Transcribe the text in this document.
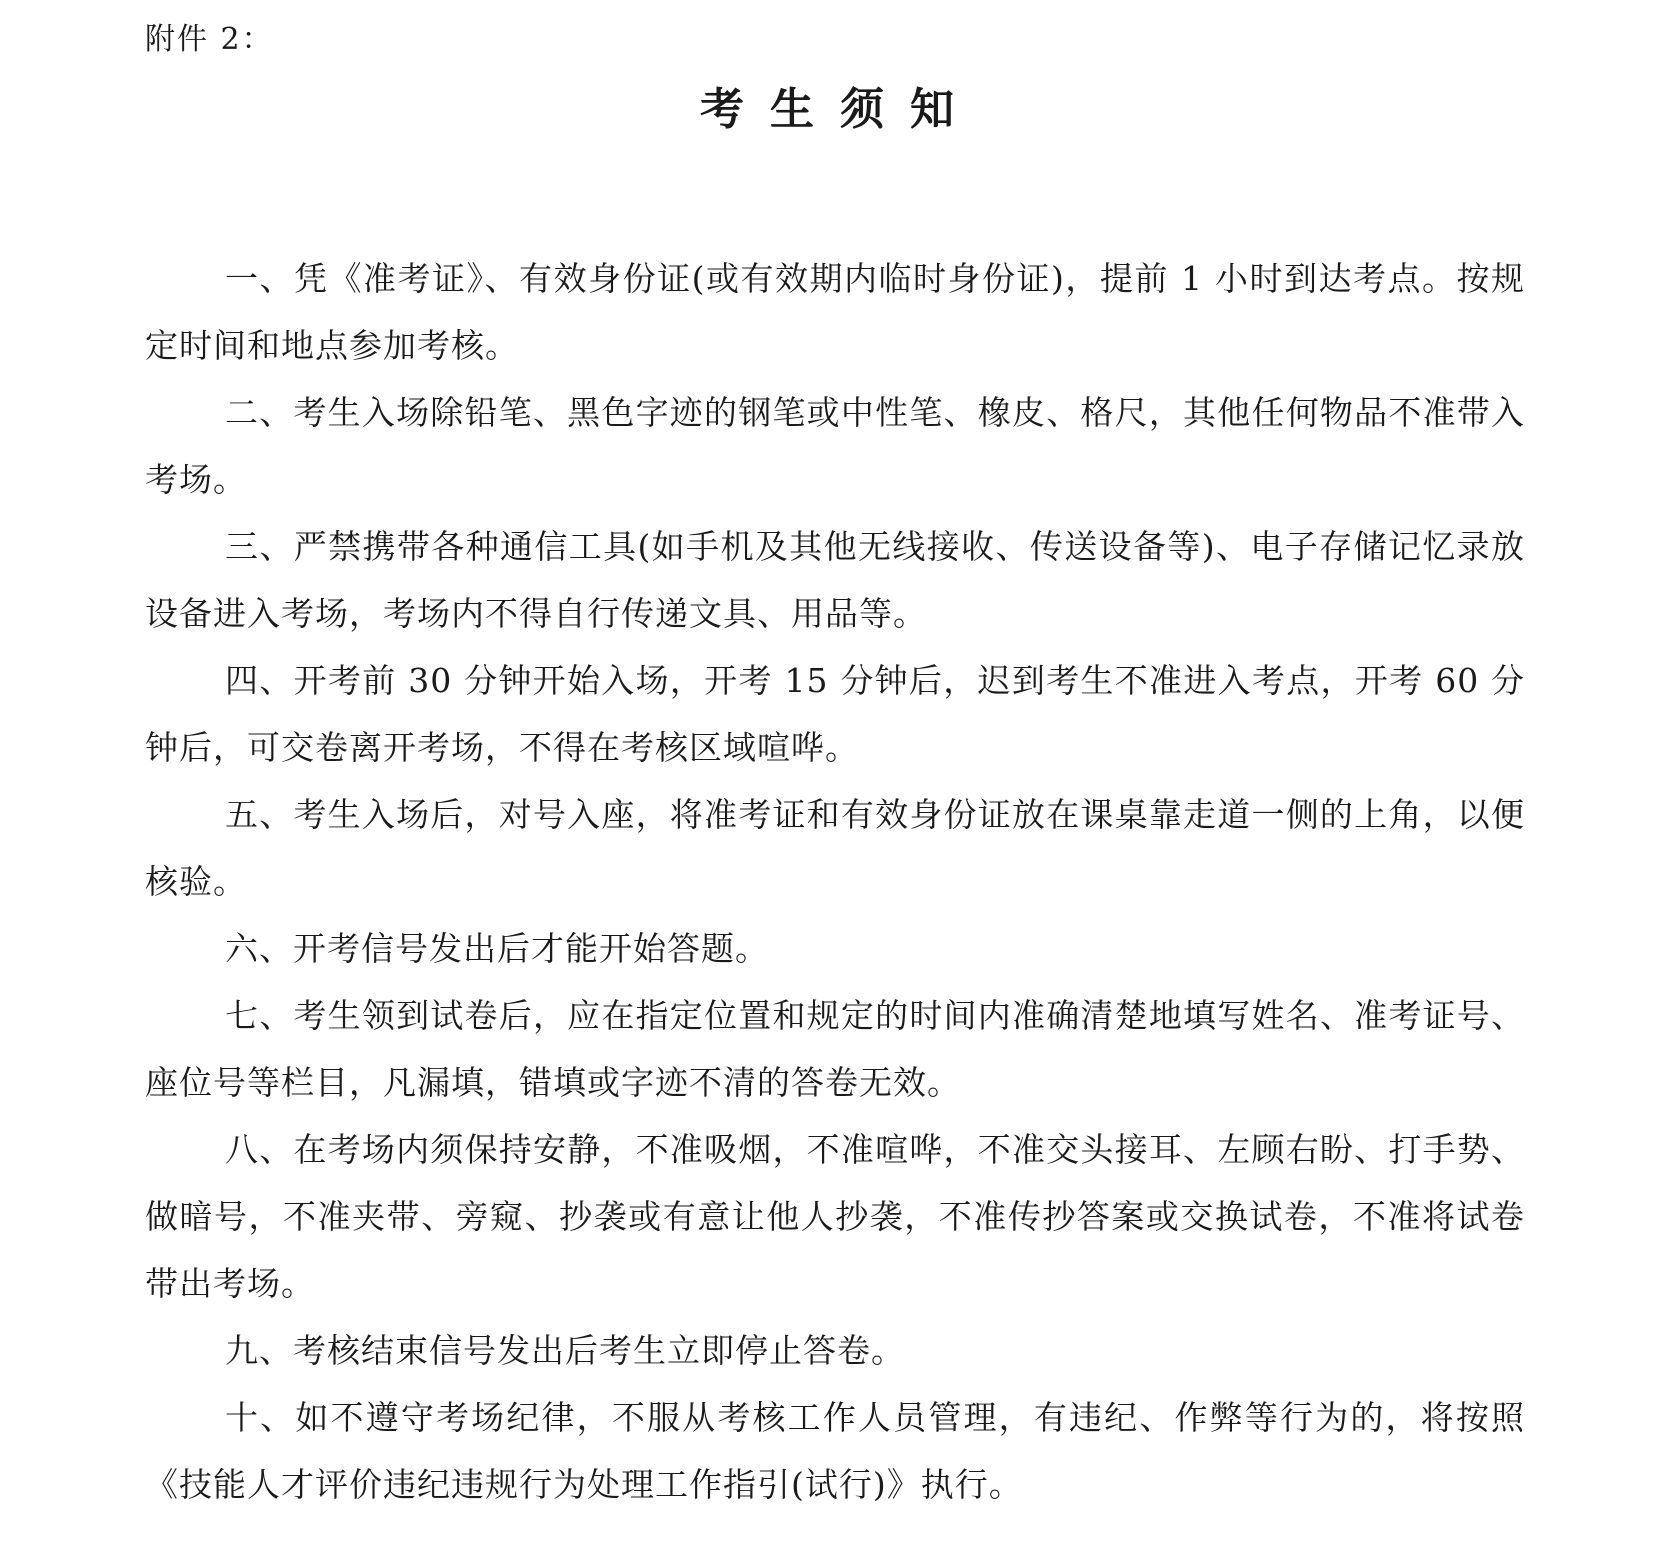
附件 2：
考生须知

一、凭《准考证》、有效身份证(或有效期内临时身份证)，提前 1 小时到达考点。按规定时间和地点参加考核。

二、考生入场除铅笔、黑色字迹的钢笔或中性笔、橡皮、格尺，其他任何物品不准带入考场。

三、严禁携带各种通信工具(如手机及其他无线接收、传送设备等)、电子存储记忆录放设备进入考场，考场内不得自行传递文具、用品等。

四、开考前 30 分钟开始入场，开考 15 分钟后，迟到考生不准进入考点，开考 60 分钟后，可交卷离开考场，不得在考核区域喧哗。

五、考生入场后，对号入座，将准考证和有效身份证放在课桌靠走道一侧的上角，以便核验。

六、开考信号发出后才能开始答题。

七、考生领到试卷后，应在指定位置和规定的时间内准确清楚地填写姓名、准考证号、座位号等栏目，凡漏填，错填或字迹不清的答卷无效。

八、在考场内须保持安静，不准吸烟，不准喧哗，不准交头接耳、左顾右盼、打手势、做暗号，不准夹带、旁窥、抄袭或有意让他人抄袭，不准传抄答案或交换试卷，不准将试卷带出考场。

九、考核结束信号发出后考生立即停止答卷。

十、如不遵守考场纪律，不服从考核工作人员管理，有违纪、作弊等行为的，将按照《技能人才评价违纪违规行为处理工作指引(试行)》执行。
